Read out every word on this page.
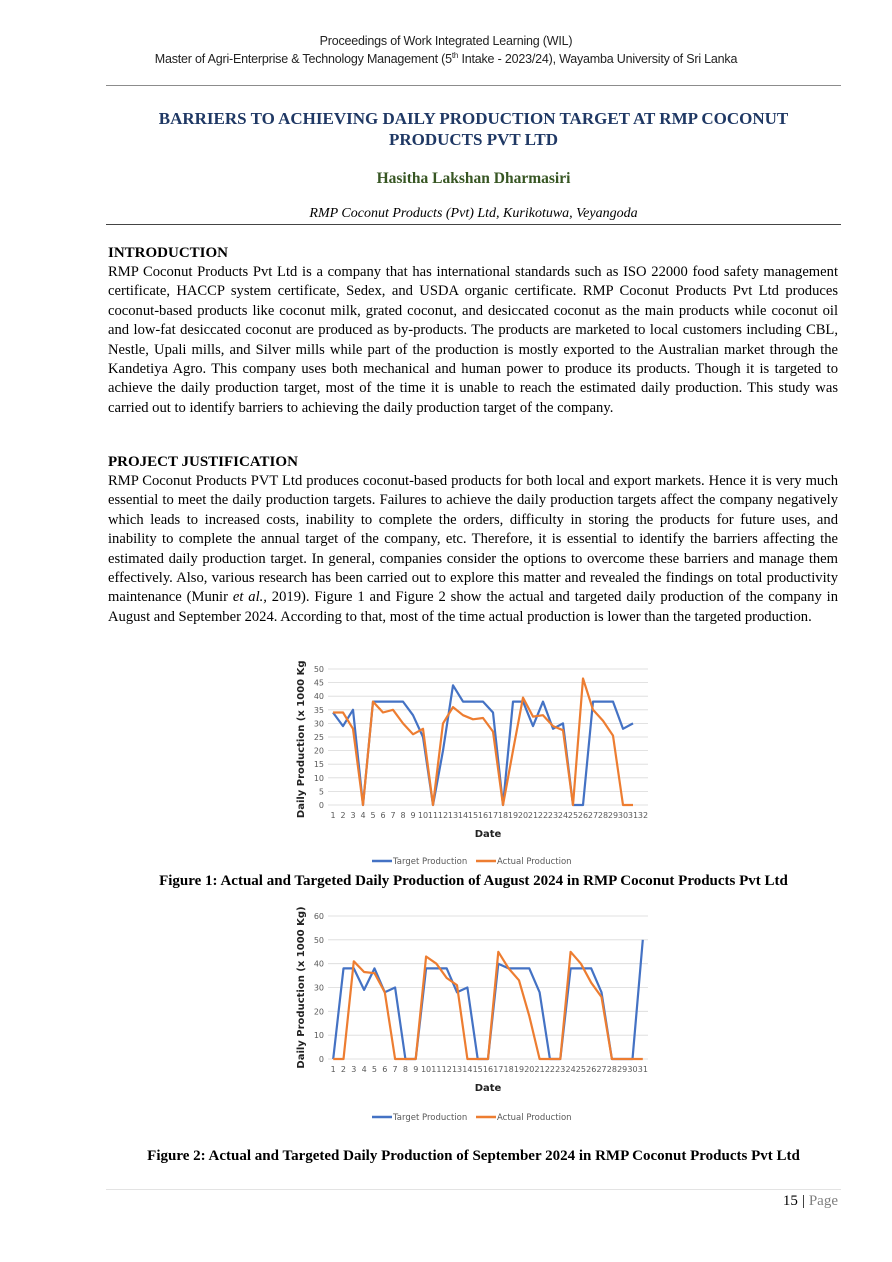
Proceedings of Work Integrated Learning (WIL)
Master of Agri-Enterprise & Technology Management (5th Intake - 2023/24), Wayamba University of Sri Lanka
BARRIERS TO ACHIEVING DAILY PRODUCTION TARGET AT RMP COCONUT
PRODUCTS PVT LTD
Hasitha Lakshan Dharmasiri
RMP Coconut Products (Pvt) Ltd, Kurikotuwa, Veyangoda
INTRODUCTION

RMP Coconut Products Pvt Ltd is a company that has international standards such as ISO 22000 food safety management certificate, HACCP system certificate, Sedex, and USDA organic certificate. RMP Coconut Products Pvt Ltd produces coconut-based products like coconut milk, grated coconut, and desiccated coconut as the main products while coconut oil and low-fat desiccated coconut are produced as by-products. The products are marketed to local customers including CBL, Nestle, Upali mills, and Silver mills while part of the production is mostly exported to the Australian market through the Kandetiya Agro. This company uses both mechanical and human power to produce its products. Though it is targeted to achieve the daily production target, most of the time it is unable to reach the estimated daily production. This study was carried out to identify barriers to achieving the daily production target of the company.

PROJECT JUSTIFICATION

RMP Coconut Products PVT Ltd produces coconut-based products for both local and export markets. Hence it is very much essential to meet the daily production targets. Failures to achieve the daily production targets affect the company negatively which leads to increased costs, inability to complete the orders, difficulty in storing the products for future uses, and inability to complete the annual target of the company, etc. Therefore, it is essential to identify the barriers affecting the estimated daily production target. In general, companies consider the options to overcome these barriers and manage them effectively. Also, various research has been carried out to explore this matter and revealed the findings on total productivity maintenance (Munir et al., 2019). Figure 1 and Figure 2 show the actual and targeted daily production of the company in August and September 2024. According to that, most of the time actual production is lower than the targeted production.

0
5
10
15
20
25
30
35
40
45
50
1 2 3 4 5 6 7 8 9 10 11 12 13 14 15 16 17 18 19 20 21 22 23 24 25 26 27 28 29 30 31 32
Date
Daily Production (x 1000 Kg)
Target Production	Actual Production
Figure 1: Actual and Targeted Daily Production of August 2024 in RMP Coconut Products Pvt Ltd
0
10
20
30
40
50
60
1 2 3 4 5 6 7 8 9 10 11 12 13 14 15 16 17 18 19 20 21 22 23 24 25 26 27 28 29 30 31
Date
Daily Production (x 1000 Kg)
Target Production	Actual Production
Figure 2: Actual and Targeted Daily Production of September 2024 in RMP Coconut Products Pvt Ltd
15 | Page
